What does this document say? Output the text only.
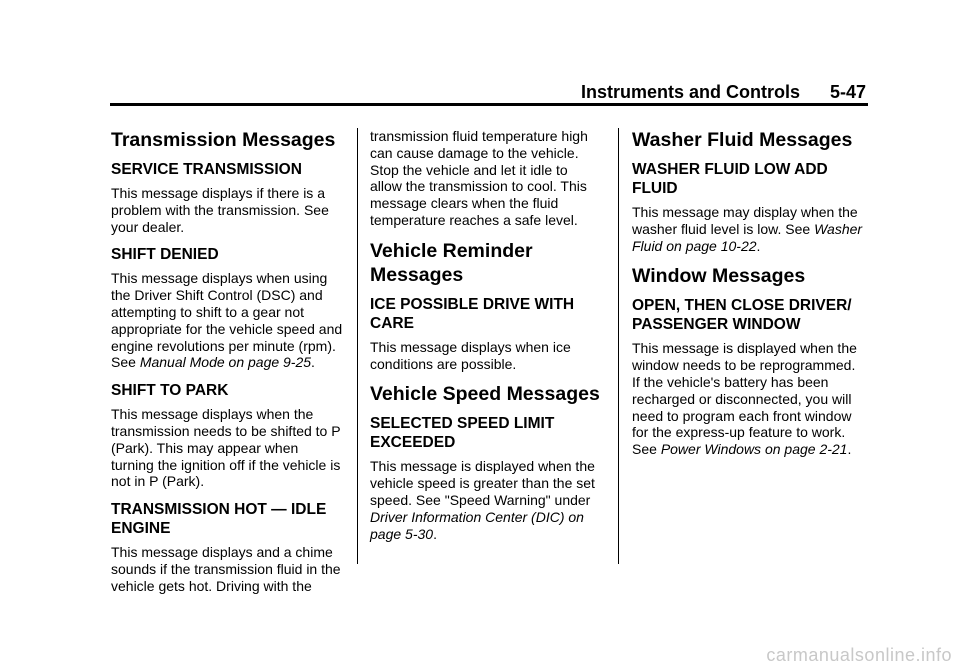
Instruments and Controls 5-47
Transmission Messages
SERVICE TRANSMISSION

This message displays if there is a problem with the transmission. See your dealer.

SHIFT DENIED

This message displays when using the Driver Shift Control (DSC) and attempting to shift to a gear not appropriate for the vehicle speed and engine revolutions per minute (rpm). See Manual Mode on page 9-25.

SHIFT TO PARK

This message displays when the transmission needs to be shifted to P (Park). This may appear when turning the ignition off if the vehicle is not in P (Park).

TRANSMISSION HOT — IDLE ENGINE

This message displays and a chime sounds if the transmission fluid in the vehicle gets hot. Driving with the

transmission fluid temperature high can cause damage to the vehicle. Stop the vehicle and let it idle to allow the transmission to cool. This message clears when the fluid temperature reaches a safe level.

Vehicle Reminder Messages
ICE POSSIBLE DRIVE WITH CARE

This message displays when ice conditions are possible.

Vehicle Speed Messages
SELECTED SPEED LIMIT EXCEEDED

This message is displayed when the vehicle speed is greater than the set speed. See "Speed Warning" under Driver Information Center (DIC) on page 5-30.

Washer Fluid Messages
WASHER FLUID LOW ADD FLUID

This message may display when the washer fluid level is low. See Washer Fluid on page 10-22.

Window Messages
OPEN, THEN CLOSE DRIVER/ PASSENGER WINDOW

This message is displayed when the window needs to be reprogrammed. If the vehicle's battery has been recharged or disconnected, you will need to program each front window for the express-up feature to work. See Power Windows on page 2-21.

carmanualsonline.info
